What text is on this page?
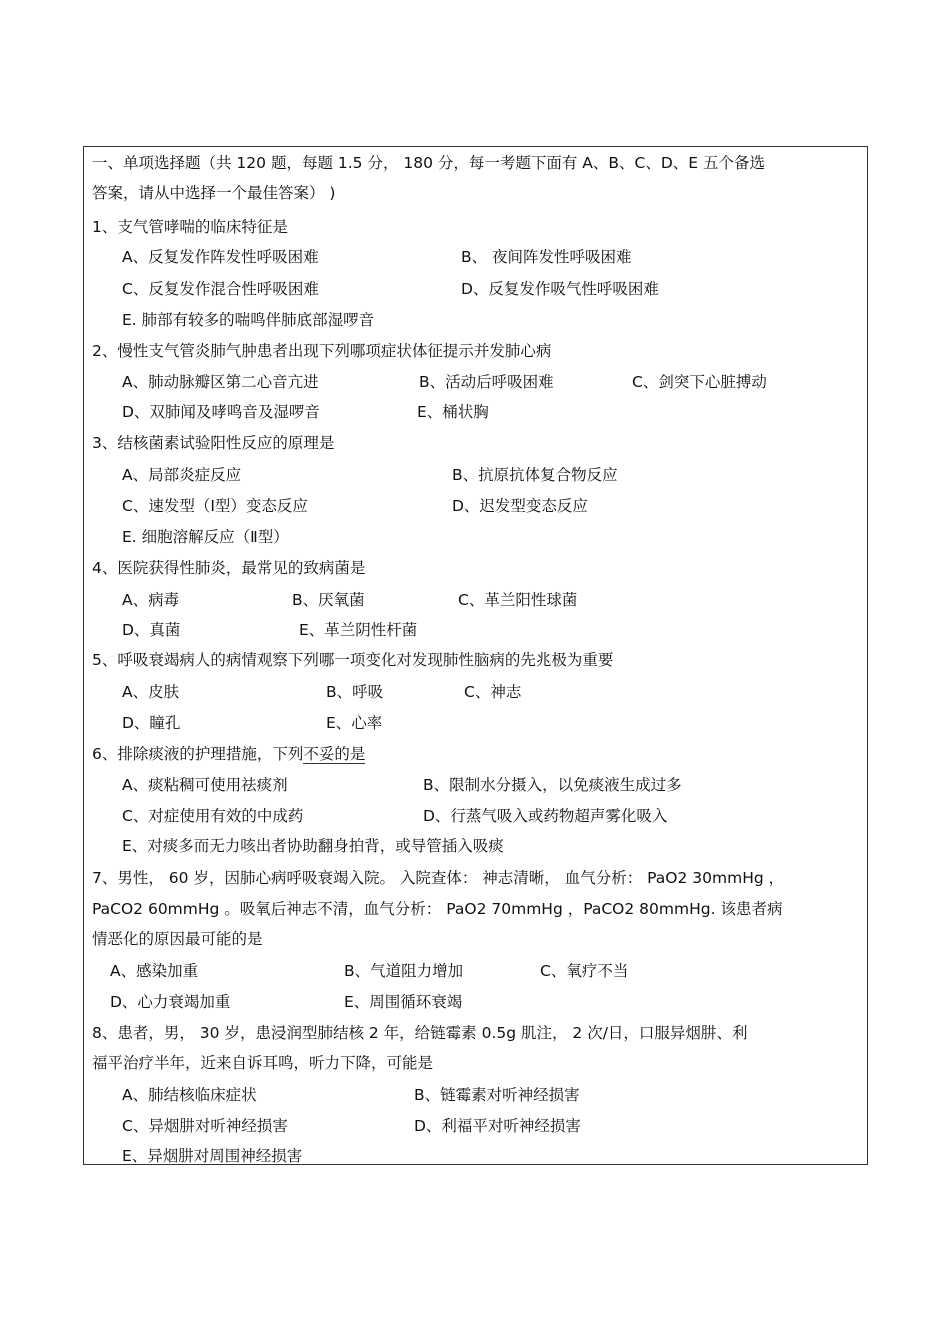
一、单项选择题（共 120 题，每题 1.5 分， 180 分，每一考题下面有 A、B、C、D、E 五个备选

答案，请从中选择一个最佳答案） )

1、支气管哮喘的临床特征是

A、反复发作阵发性呼吸困难	B、 夜间阵发性呼吸困难

C、反复发作混合性呼吸困难	D、反复发作吸气性呼吸困难

E. 肺部有较多的喘鸣伴肺底部湿啰音

2、慢性支气管炎肺气肿患者出现下列哪项症状体征提示并发肺心病

A、肺动脉瓣区第二心音亢进	B、活动后呼吸困难	C、剑突下心脏搏动

D、双肺闻及哮鸣音及湿啰音	E、桶状胸

3、结核菌素试验阳性反应的原理是

A、局部炎症反应	B、抗原抗体复合物反应

C、速发型（Ⅰ型）变态反应	D、迟发型变态反应

E. 细胞溶解反应（Ⅱ型）

4、医院获得性肺炎，最常见的致病菌是

A、病毒	B、厌氧菌	C、革兰阳性球菌

D、真菌	E、革兰阴性杆菌

5、呼吸衰竭病人的病情观察下列哪一项变化对发现肺性脑病的先兆极为重要

A、皮肤	B、呼吸	C、神志

D、瞳孔	E、心率

6、排除痰液的护理措施，下列不妥的是

A、痰粘稠可使用祛痰剂	B、限制水分摄入，以免痰液生成过多

C、对症使用有效的中成药	D、行蒸气吸入或药物超声雾化吸入

E、对痰多而无力咳出者协助翻身拍背，或导管插入吸痰

7、男性， 60 岁，因肺心病呼吸衰竭入院。 入院查体： 神志清晰， 血气分析： PaO2 30mmHg ，

PaCO2 60mmHg 。吸氧后神志不清，血气分析： PaO2 70mmHg ，PaCO2 80mmHg. 该患者病

情恶化的原因最可能的是

A、感染加重	B、气道阻力增加	C、氧疗不当

D、心力衰竭加重	E、周围循环衰竭

8、患者，男， 30 岁，患浸润型肺结核 2 年，给链霉素 0.5g 肌注， 2 次/日，口服异烟肼、利

福平治疗半年，近来自诉耳鸣，听力下降，可能是

A、肺结核临床症状	B、链霉素对听神经损害

C、异烟肼对听神经损害	D、利福平对听神经损害

E、异烟肼对周围神经损害
